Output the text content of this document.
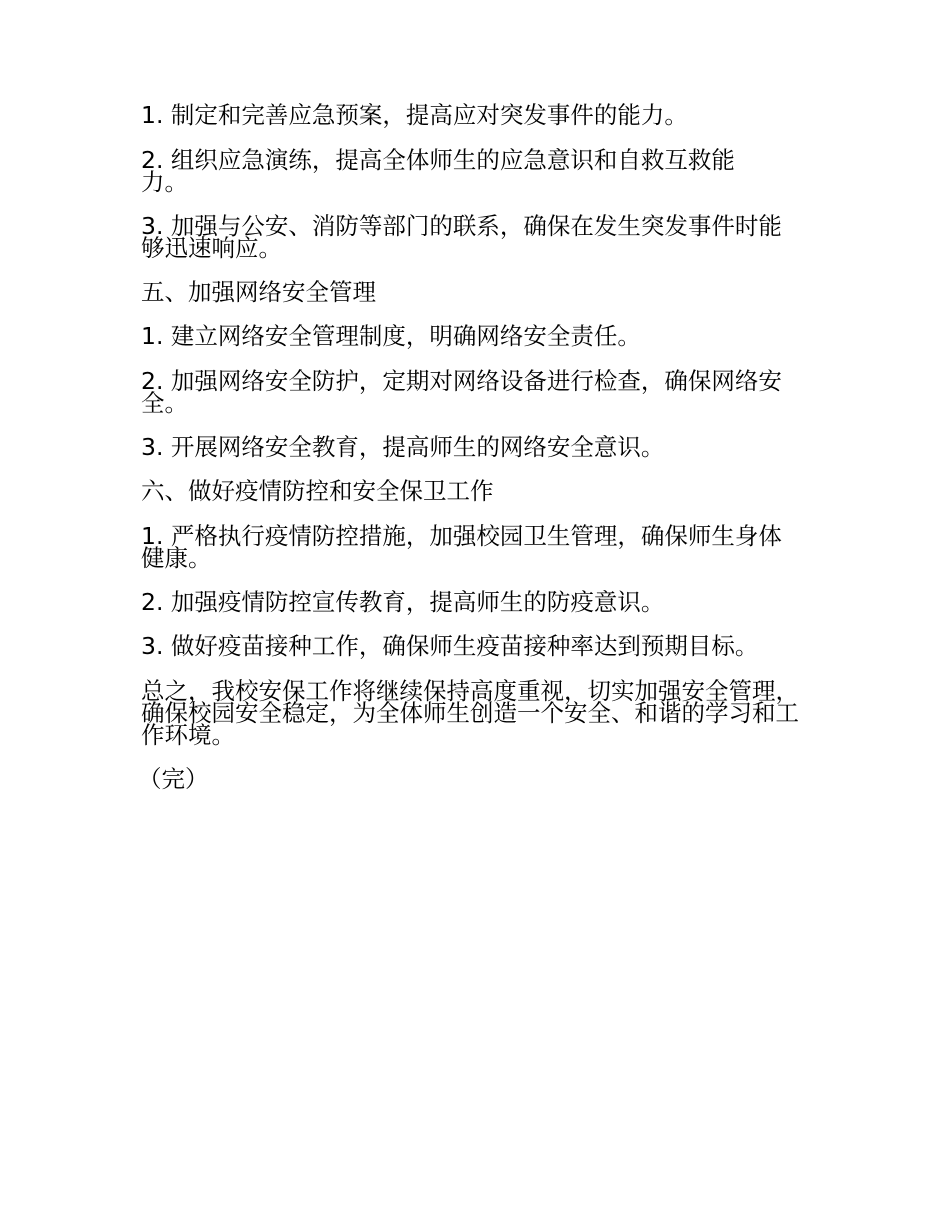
1. 制定和完善应急预案，提高应对突发事件的能力。

2. 组织应急演练，提高全体师生的应急意识和自救互救能力。

3. 加强与公安、消防等部门的联系，确保在发生突发事件时能够迅速响应。

五、加强网络安全管理

1. 建立网络安全管理制度，明确网络安全责任。

2. 加强网络安全防护，定期对网络设备进行检查，确保网络安全。

3. 开展网络安全教育，提高师生的网络安全意识。

六、做好疫情防控和安全保卫工作

1. 严格执行疫情防控措施，加强校园卫生管理，确保师生身体健康。

2. 加强疫情防控宣传教育，提高师生的防疫意识。

3. 做好疫苗接种工作，确保师生疫苗接种率达到预期目标。

总之，我校安保工作将继续保持高度重视，切实加强安全管理，确保校园安全稳定，为全体师生创造一个安全、和谐的学习和工作环境。

（完）
